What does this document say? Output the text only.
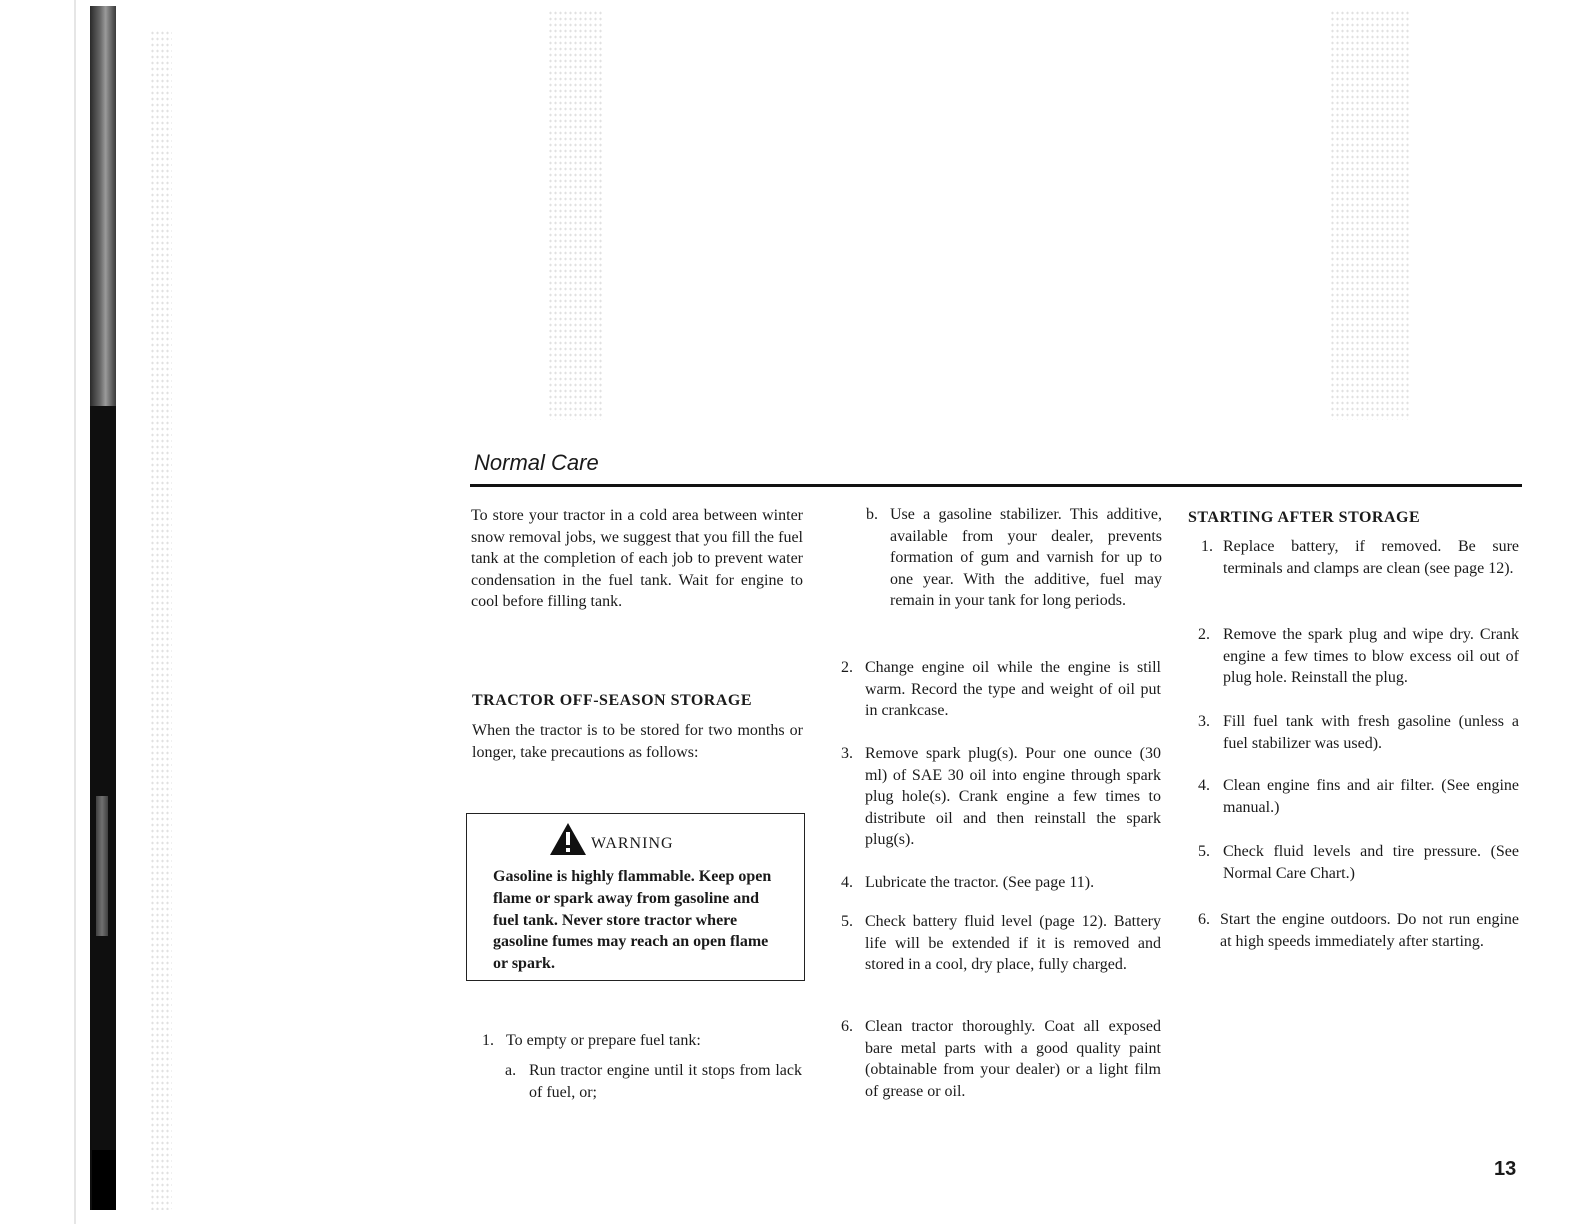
Normal Care
To store your tractor in a cold area between winter snow removal jobs, we suggest that you fill the fuel tank at the completion of each job to prevent water condensation in the fuel tank. Wait for engine to cool before filling tank.
TRACTOR OFF-SEASON STORAGE
When the tractor is to be stored for two months or longer, take precautions as follows:
WARNING
Gasoline is highly flammable. Keep open flame or spark away from gasoline and fuel tank. Never store tractor where gasoline fumes may reach an open flame or spark.
1. To empty or prepare fuel tank:
a. Run tractor engine until it stops from lack of fuel, or;
b. Use a gasoline stabilizer. This additive, available from your dealer, prevents formation of gum and varnish for up to one year. With the additive, fuel may remain in your tank for long periods.
2. Change engine oil while the engine is still warm. Record the type and weight of oil put in crankcase.
3. Remove spark plug(s). Pour one ounce (30 ml) of SAE 30 oil into engine through spark plug hole(s). Crank engine a few times to distribute oil and then reinstall the spark plug(s).
4. Lubricate the tractor. (See page 11).
5. Check battery fluid level (page 12). Battery life will be extended if it is removed and stored in a cool, dry place, fully charged.
6. Clean tractor thoroughly. Coat all exposed bare metal parts with a good quality paint (obtainable from your dealer) or a light film of grease or oil.
STARTING AFTER STORAGE
1. Replace battery, if removed. Be sure terminals and clamps are clean (see page 12).
2. Remove the spark plug and wipe dry. Crank engine a few times to blow excess oil out of plug hole. Reinstall the plug.
3. Fill fuel tank with fresh gasoline (unless a fuel stabilizer was used).
4. Clean engine fins and air filter. (See engine manual.)
5. Check fluid levels and tire pressure. (See Normal Care Chart.)
6. Start the engine outdoors. Do not run engine at high speeds immediately after starting.
13
